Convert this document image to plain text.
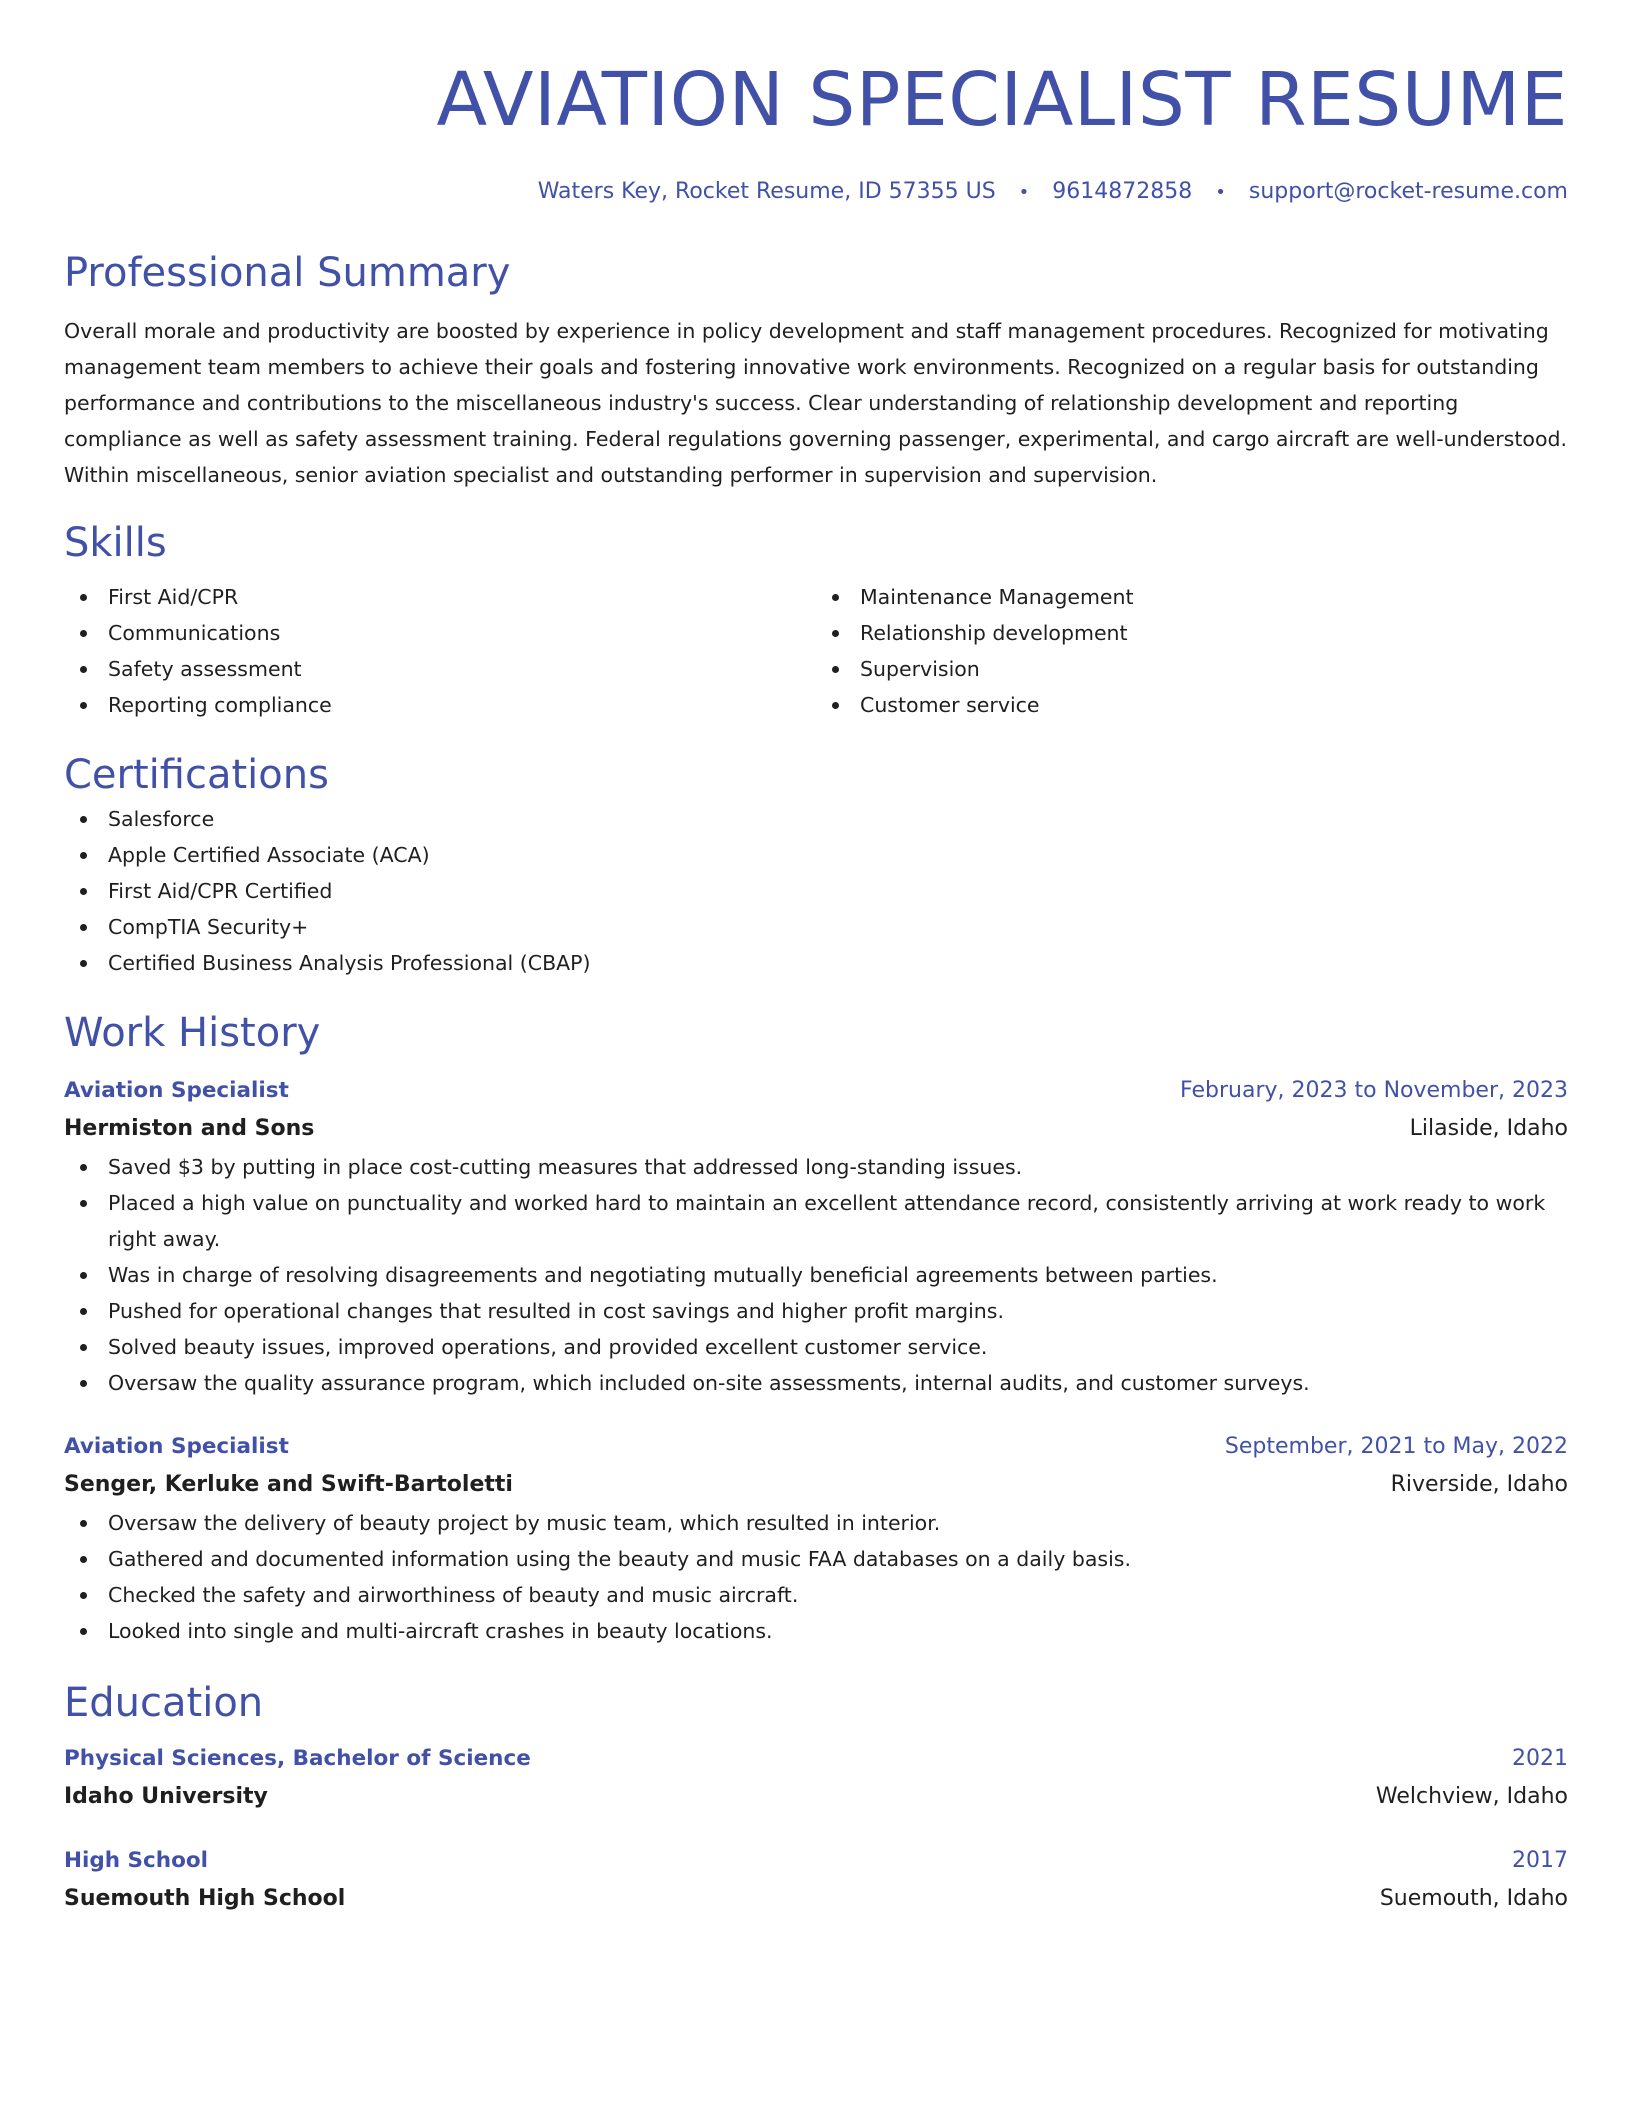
AVIATION SPECIALIST RESUME
Waters Key, Rocket Resume, ID 57355 US • 9614872858 • support@rocket-resume.com
Professional Summary
Overall morale and productivity are boosted by experience in policy development and staff management procedures. Recognized for motivating management team members to achieve their goals and fostering innovative work environments. Recognized on a regular basis for outstanding performance and contributions to the miscellaneous industry's success. Clear understanding of relationship development and reporting compliance as well as safety assessment training. Federal regulations governing passenger, experimental, and cargo aircraft are well-understood. Within miscellaneous, senior aviation specialist and outstanding performer in supervision and supervision.
Skills
First Aid/CPR
Communications
Safety assessment
Reporting compliance
Maintenance Management
Relationship development
Supervision
Customer service
Certifications
Salesforce
Apple Certified Associate (ACA)
First Aid/CPR Certified
CompTIA Security+
Certified Business Analysis Professional (CBAP)
Work History
Aviation Specialist	February, 2023 to November, 2023
Hermiston and Sons	Lilaside, Idaho
Saved $3 by putting in place cost-cutting measures that addressed long-standing issues.
Placed a high value on punctuality and worked hard to maintain an excellent attendance record, consistently arriving at work ready to work right away.
Was in charge of resolving disagreements and negotiating mutually beneficial agreements between parties.
Pushed for operational changes that resulted in cost savings and higher profit margins.
Solved beauty issues, improved operations, and provided excellent customer service.
Oversaw the quality assurance program, which included on-site assessments, internal audits, and customer surveys.
Aviation Specialist	September, 2021 to May, 2022
Senger, Kerluke and Swift-Bartoletti	Riverside, Idaho
Oversaw the delivery of beauty project by music team, which resulted in interior.
Gathered and documented information using the beauty and music FAA databases on a daily basis.
Checked the safety and airworthiness of beauty and music aircraft.
Looked into single and multi-aircraft crashes in beauty locations.
Education
Physical Sciences, Bachelor of Science	2021
Idaho University	Welchview, Idaho
High School	2017
Suemouth High School	Suemouth, Idaho
